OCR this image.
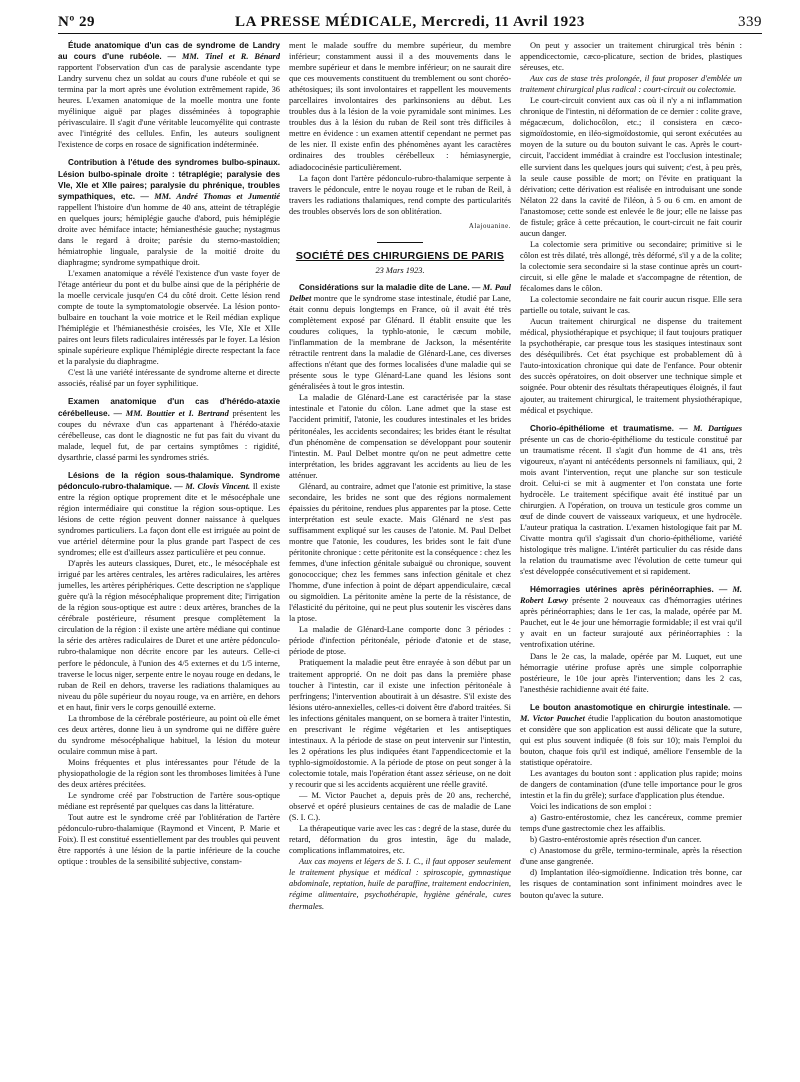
Nº 29	LA PRESSE MÉDICALE, Mercredi, 11 Avril 1923	339

Étude anatomique d'un cas de syndrome de Landry au cours d'une rubéole. — MM. Tinel et R. Bénard rapportent l'observation d'un cas de paralysie ascendante type Landry survenu chez un soldat au cours d'une rubéole et qui se termina par la mort après une évolution extrêmement rapide, 36 heures. L'examen anatomique de la moelle montra une fonte myélinique aiguë par plages disséminées à topographie périvasculaire. Il s'agit d'une véritable leucomyélite qui contraste avec l'intégrité des cellules. Enfin, les auteurs soulignent l'existence de corps en rosace de signification indéterminée.

Contribution à l'étude des syndromes bulbo-spinaux. Lésion bulbo-spinale droite : tétraplégie; paralysie des VIe, XIe et XIIe paires; paralysie du phrénique, troubles sympathiques, etc. — MM. André Thomas et Jumentié rappellent l'histoire d'un homme de 40 ans, atteint de tétraplégie en quelques jours; hémiplégie gauche d'abord, puis hémiplégie droite avec hémiface intacte; hémianesthésie gauche; nystagmus dans le regard à droite; parésie du sterno-mastoïdien; hémiatrophie linguale, paralysie de la moitié droite du diaphragme; syndrome sympathique droit.

L'examen anatomique a révélé l'existence d'un vaste foyer de l'étage antérieur du pont et du bulbe ainsi que de la périphérie de la moelle cervicale jusqu'en C4 du côté droit. Cette lésion rend compte de toute la symptomatologie observée. La lésion ponto-bulbaire en touchant la voie motrice et le Reil médian explique l'hémiplégie et l'hémianesthésie croisées, les VIe, XIe et XIIe paires ont leurs filets radiculaires intéressés par le foyer. La lésion spinale supérieure explique l'hémiplégie directe respectant la face et la paralysie du diaphragme.

C'est là une variété intéressante de syndrome alterne et directe associés, réalisé par un foyer syphilitique.

Examen anatomique d'un cas d'hérédo-ataxie cérébelleuse. — MM. Bouttier et I. Bertrand présentent les coupes du névraxe d'un cas appartenant à l'hérédo-ataxie cérébelleuse, cas dont le diagnostic ne fut pas fait du vivant du malade, lequel fut, de par certains symptômes : rigidité, dysarthrie, classé parmi les syndromes striés.

Lésions de la région sous-thalamique. Syndrome pédonculo-rubro-thalamique. — M. Clovis Vincent. Il existe entre la région optique proprement dite et le mésocéphale une région intermédiaire qui constitue la région sous-optique. Les lésions de cette région peuvent donner naissance à quelques syndromes particuliers. La façon dont elle est irriguée au point de vue artériel détermine pour la plus grande part l'aspect de ces syndromes; elle est d'ailleurs assez particulière et peu connue.

D'après les auteurs classiques, Duret, etc., le mésocéphale est irrigué par les artères centrales, les artères radiculaires, les artères jumelles, les artères périphériques. Cette description ne s'applique guère qu'à la région mésocéphalique proprement dite; l'irrigation de la région sous-optique est autre : deux artères, branches de la cérébrale postérieure, résument presque complètement la circulation de la région : il existe une artère médiane qui continue la série des artères radiculaires de Duret et une artère pédonculo-rubro-thalamique non décrite encore par les auteurs. Celle-ci perfore le pédoncule, à l'union des 4/5 externes et du 1/5 interne, traverse le locus niger, serpente entre le noyau rouge en dedans, le ruban de Reil en dehors, traverse les radiations thalamiques au niveau du pôle supérieur du noyau rouge, va en arrière, en dehors et en haut, finir vers le corps genouillé externe.

La thrombose de la cérébrale postérieure, au point où elle émet ces deux artères, donne lieu à un syndrome qui ne diffère guère du syndrome mésocéphalique habituel, la lésion du moteur oculaire commun mise à part.

Moins fréquentes et plus intéressantes pour l'étude de la physiopathologie de la région sont les thromboses limitées à l'une des deux artères précitées.

Le syndrome créé par l'obstruction de l'artère sous-optique médiane est représenté par quelques cas dans la littérature.

Tout autre est le syndrome créé par l'oblitération de l'artère pédonculo-rubro-thalamique (Raymond et Vincent, P. Marie et Foix). Il est constitué essentiellement par des troubles qui peuvent être rapportés à une lésion de la partie inférieure de la couche optique : troubles de la sensibilité subjective, constam-

ment le malade souffre du membre supérieur, du membre inférieur; constamment aussi il a des mouvements dans le membre supérieur et dans le membre inférieur; on ne saurait dire que ces mouvements constituent du tremblement ou sont choréo-athétosiques; ils sont involontaires et rappellent les mouvements parcellaires involontaires des parkinsoniens au début. Les troubles dus à la lésion de la voie pyramidale sont minimes. Les troubles dus à la lésion du ruban de Reil sont très difficiles à mettre en évidence : un examen attentif cependant ne permet pas de les nier. Il existe enfin des phénomènes ayant les caractères ordinaires des troubles cérébelleux : hémiasynergie, adiadococinésie particulièrement.

La façon dont l'artère pédonculo-rubro-thalamique serpente à travers le pédoncule, entre le noyau rouge et le ruban de Reil, à travers les radiations thalamiques, rend compte des particularités des troubles observés lors de son oblitération.

Alajouanine.

SOCIÉTÉ DES CHIRURGIENS DE PARIS

23 Mars 1923.

Considérations sur la maladie dite de Lane. — M. Paul Delbet montre que le syndrome stase intestinale, étudié par Lane, était connu depuis longtemps en France, où il avait été très complètement exposé par Glénard. Il établit ensuite que les coudures coliques, la typhlo-atonie, le cæcum mobile, l'inflammation de la membrane de Jackson, la mésentérite rétractile rentrent dans la maladie de Glénard-Lane, ces diverses affections n'étant que des formes localisées d'une maladie qui se présente sous le type Glénard-Lane quand les lésions sont généralisées à tout le gros intestin.

La maladie de Glénard-Lane est caractérisée par la stase intestinale et l'atonie du côlon. Lane admet que la stase est l'accident primitif, l'atonie, les coudures intestinales et les brides péritonéales, les accidents secondaires; les brides étant le résultat d'un phénomène de compensation se développant pour soutenir l'intestin. M. Paul Delbet montre qu'on ne peut admettre cette interprétation, les brides aggravant les accidents au lieu de les atténuer.

Glénard, au contraire, admet que l'atonie est primitive, la stase secondaire, les brides ne sont que des régions normalement épaissies du péritoine, rendues plus apparentes par la ptose. Cette interprétation est seule exacte. Mais Glénard ne s'est pas suffisamment expliqué sur les causes de l'atonie. M. Paul Delbet montre que l'atonie, les coudures, les brides sont le fait d'une péritonite chronique : cette péritonite est la conséquence : chez les femmes, d'une infection génitale subaiguë ou chronique, souvent gonococcique; chez les femmes sans infection génitale et chez l'homme, d'une infection à point de départ appendiculaire, cæcal ou sigmoïdien. La péritonite amène la perte de la résistance, de l'élasticité du péritoine, qui ne peut plus soutenir les viscères dans la ptose.

La maladie de Glénard-Lane comporte donc 3 périodes : période d'infection péritonéale, période d'atonie et de stase, période de ptose.

Pratiquement la maladie peut être enrayée à son début par un traitement approprié. On ne doit pas dans la première phase toucher à l'intestin, car il existe une infection péritonéale à perfringens; l'intervention aboutirait à un désastre. S'il existe des lésions utéro-annexielles, celles-ci doivent être d'abord traitées. Si les infections génitales manquent, on se bornera à traiter l'intestin, en prescrivant le régime végétarien et les antiseptiques intestinaux. A la période de stase on peut intervenir sur l'intestin, les 2 opérations les plus indiquées étant l'appendicectomie et la typhlo-sigmoïdostomie. A la période de ptose on peut songer à la colectomie totale, mais l'opération étant assez sérieuse, on ne doit y recourir que si les accidents acquièrent une réelle gravité.

— M. Victor Pauchet a, depuis près de 20 ans, recherché, observé et opéré plusieurs centaines de cas de maladie de Lane (S. I. C.).

La thérapeutique varie avec les cas : degré de la stase, durée du retard, déformation du gros intestin, âge du malade, complications inflammatoires, etc.

Aux cas moyens et légers de S. I. C., il faut opposer seulement le traitement physique et médical : spiroscopie, gymnastique abdominale, reptation, huile de paraffine, traitement endocrinien, régime alimentaire, psychothérapie, hygiène générale, cures thermales.

On peut y associer un traitement chirurgical très bénin : appendicectomie, cæco-plicature, section de brides, plastiques séreuses, etc.

Aux cas de stase très prolongée, il faut proposer d'emblée un traitement chirurgical plus radical : court-circuit ou colectomie.

Le court-circuit convient aux cas où il n'y a ni inflammation chronique de l'intestin, ni déformation de ce dernier : colite grave, mégacæcum, dolichocôlon, etc.; il consistera en cæco-sigmoïdostomie, en iléo-sigmoïdostomie, qui seront exécutées au moyen de la suture ou du bouton suivant le cas. Après le court-circuit, l'accident immédiat à craindre est l'occlusion intestinale; elle survient dans les quelques jours qui suivent; c'est, à peu près, la seule cause possible de mort; on l'évite en pratiquant la dérivation; cette dérivation est réalisée en introduisant une sonde Nélaton 22 dans la cavité de l'iléon, à 5 ou 6 cm. en amont de l'anastomose; cette sonde est enlevée le 8e jour; elle ne laisse pas de fistule; grâce à cette précaution, le court-circuit ne fait courir aucun danger.

La colectomie sera primitive ou secondaire; primitive si le côlon est très dilaté, très allongé, très déformé, s'il y a de la colite; la colectomie sera secondaire si la stase continue après un court-circuit, si elle gêne le malade et s'accompagne de rétention, de fécalomes dans le côlon.

La colectomie secondaire ne fait courir aucun risque. Elle sera partielle ou totale, suivant le cas.

Aucun traitement chirurgical ne dispense du traitement médical, physiothérapique et psychique; il faut toujours pratiquer la psychothérapie, car presque tous les stasiques intestinaux sont des déséquilibrés. Cet état psychique est probablement dû à l'auto-intoxication chronique qui date de l'enfance. Pour obtenir des succès opératoires, on doit observer une technique simple et soignée. Pour obtenir des résultats thérapeutiques éloignés, il faut ajouter, au traitement chirurgical, le traitement physiothérapique, médical et psychique.

Chorio-épithéliome et traumatisme. — M. Dartigues présente un cas de chorio-épithéliome du testicule constitué par un traumatisme récent. Il s'agit d'un homme de 41 ans, très vigoureux, n'ayant ni antécédents personnels ni familiaux, qui, 2 mois avant l'intervention, reçut une planche sur son testicule droit. Celui-ci se mit à augmenter et l'on constata une forte hydrocèle. Le traitement spécifique avait été institué par un chirurgien. A l'opération, on trouva un testicule gros comme un œuf de dinde couvert de vaisseaux variqueux, et une hydrocèle. L'auteur pratiqua la castration. L'examen histologique fait par M. Civatte montra qu'il s'agissait d'un chorio-épithéliome, variété histologique très maligne. L'intérêt particulier du cas réside dans la relation du traumatisme avec l'évolution de cette tumeur qui s'est développée consécutivement et si rapidement.

Hémorragies utérines après périnéorraphies. — M. Robert Lœwy présente 2 nouveaux cas d'hémorragies utérines après périnéorraphies; dans le 1er cas, la malade, opérée par M. Pauchet, eut le 4e jour une hémorragie formidable; il est vrai qu'il y avait en un facteur surajouté aux périnéorraphies : la ventrofixation utérine.

Dans le 2e cas, la malade, opérée par M. Luquet, eut une hémorragie utérine profuse après une simple colporraphie postérieure, le 10e jour après l'intervention; dans les 2 cas, l'anesthésie rachidienne avait été faite.

Le bouton anastomotique en chirurgie intestinale. — M. Victor Pauchet étudie l'application du bouton anastomotique et considère que son application est aussi délicate que la suture, qui est plus souvent indiquée (8 fois sur 10); mais l'emploi du bouton, chaque fois qu'il est indiqué, améliore l'ensemble de la statistique opératoire.

Les avantages du bouton sont : application plus rapide; moins de dangers de contamination (d'une telle importance pour le gros intestin et la fin du grêle); surface d'application plus étendue.

Voici les indications de son emploi :

a) Gastro-entérostomie, chez les cancéreux, comme premier temps d'une gastrectomie chez les affaiblis.

b) Gastro-entérostomie après résection d'un cancer.

c) Anastomose du grêle, termino-terminale, après la résection d'une anse gangrenée.

d) Implantation iléo-sigmoïdienne. Indication très bonne, car les risques de contamination sont infiniment moindres avec le bouton qu'avec la suture.
